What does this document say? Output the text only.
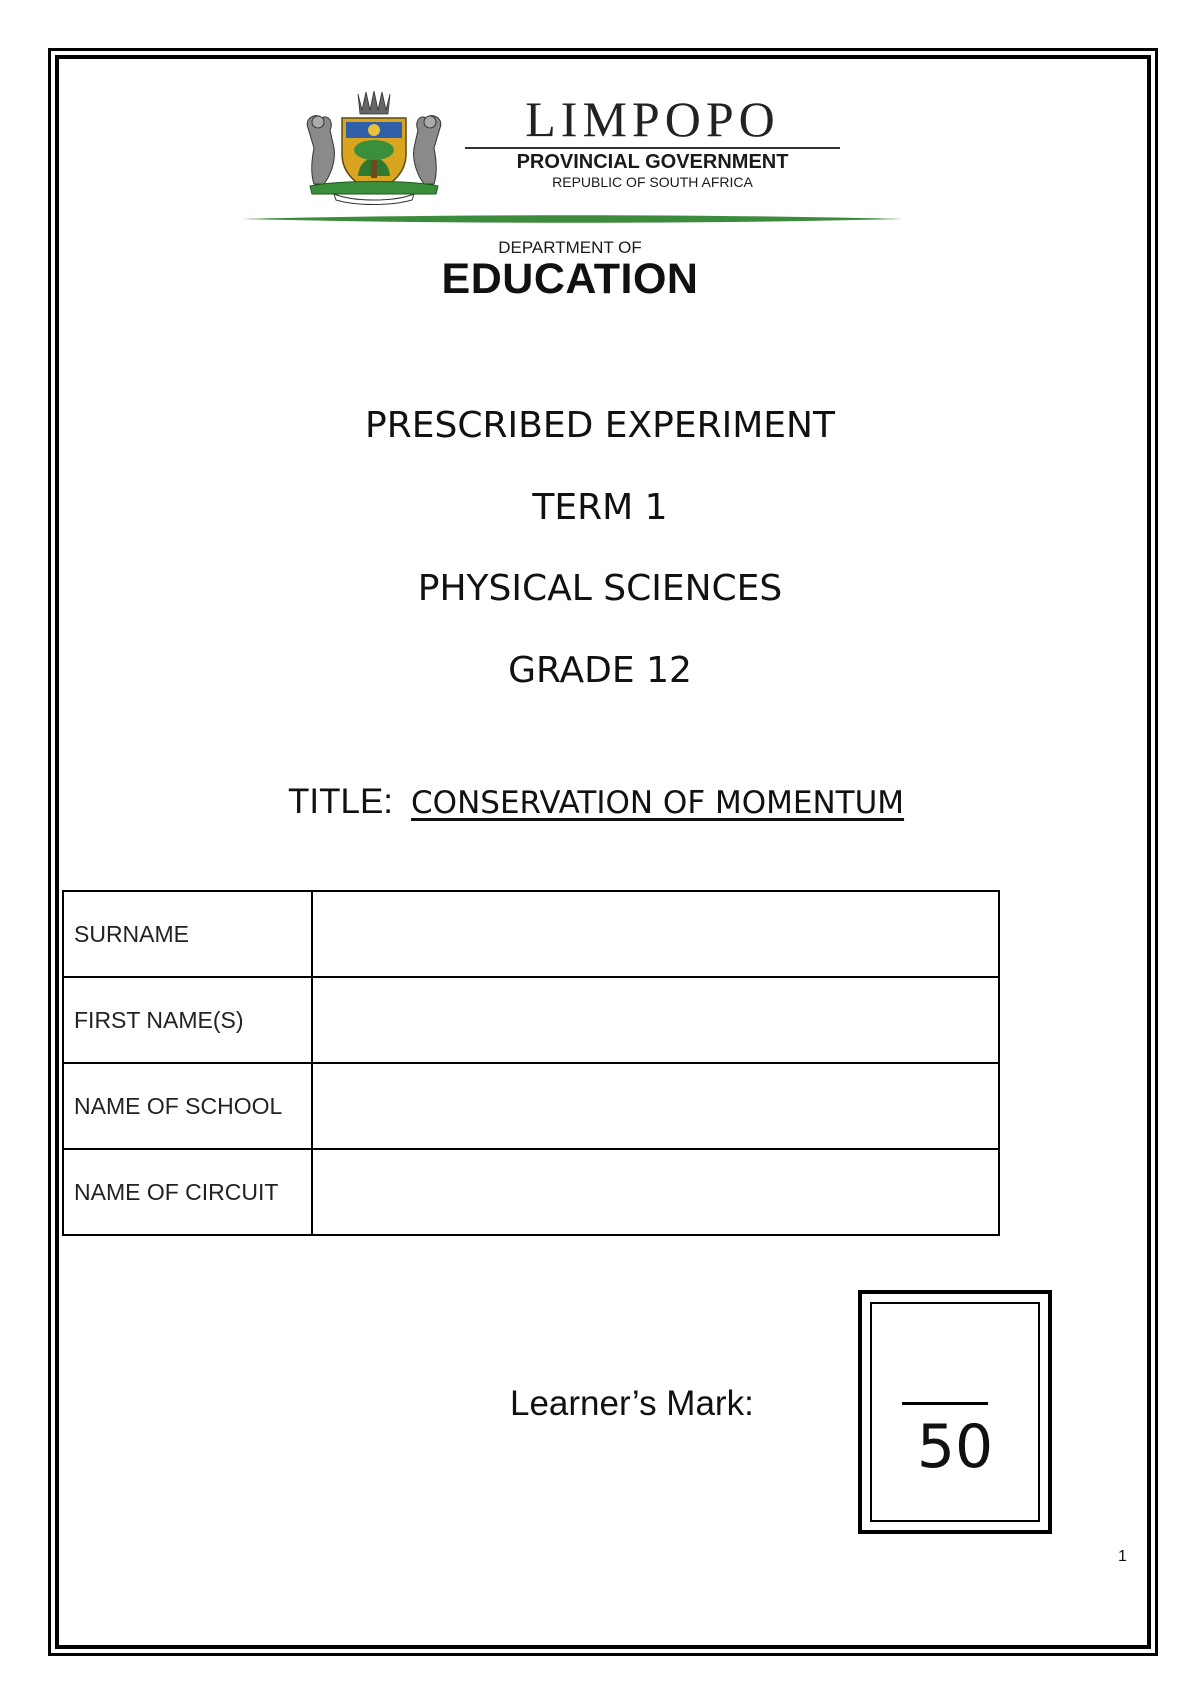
LIMPOPO
PROVINCIAL GOVERNMENT
REPUBLIC OF SOUTH AFRICA
DEPARTMENT OF
EDUCATION
PRESCRIBED EXPERIMENT
TERM 1
PHYSICAL SCIENCES
GRADE 12
TITLE: CONSERVATION OF MOMENTUM
SURNAME	
FIRST NAME(S)	
NAME OF SCHOOL	
NAME OF CIRCUIT	
Learner’s Mark:
50
1
